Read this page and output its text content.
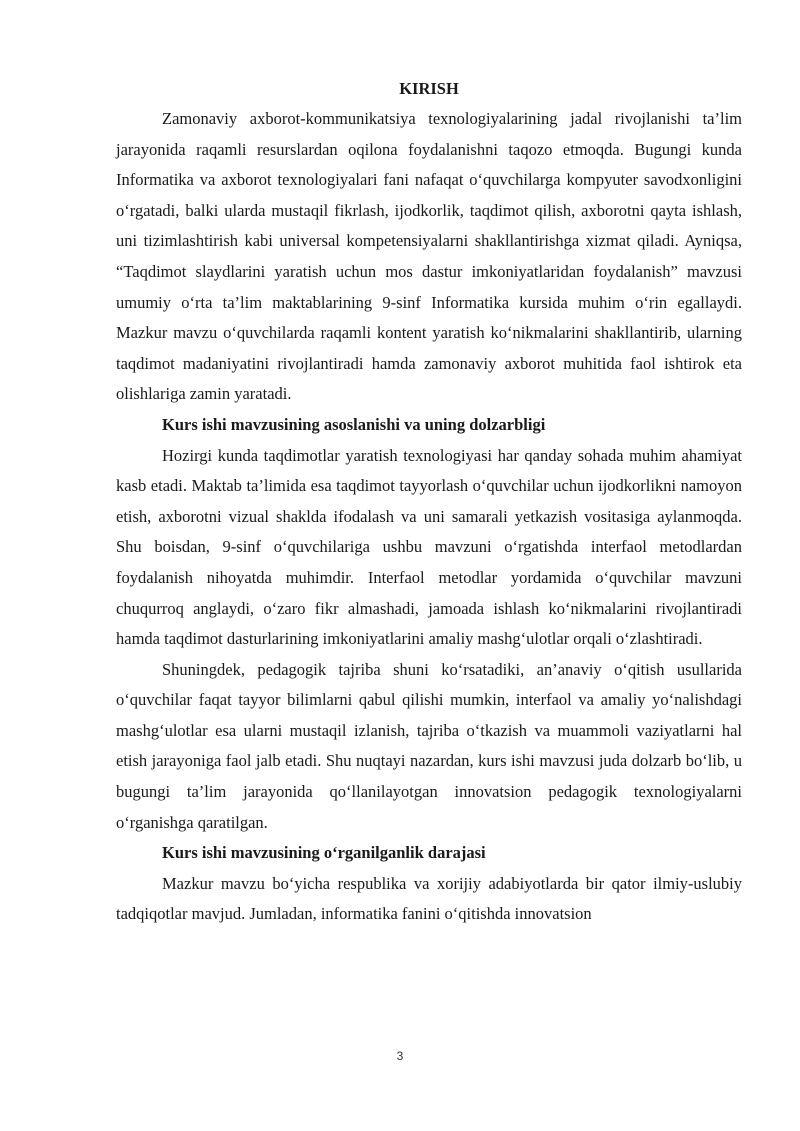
KIRISH

Zamonaviy axborot-kommunikatsiya texnologiyalarining jadal rivojlanishi ta’lim jarayonida raqamli resurslardan oqilona foydalanishni taqozo etmoqda. Bugungi kunda Informatika va axborot texnologiyalari fani nafaqat o‘quvchilarga kompyuter savodxonligini o‘rgatadi, balki ularda mustaqil fikrlash, ijodkorlik, taqdimot qilish, axborotni qayta ishlash, uni tizimlashtirish kabi universal kompetensiyalarni shakllantirishga xizmat qiladi. Ayniqsa, “Taqdimot slaydlarini yaratish uchun mos dastur imkoniyatlaridan foydalanish” mavzusi umumiy o‘rta ta’lim maktablarining 9-sinf Informatika kursida muhim o‘rin egallaydi. Mazkur mavzu o‘quvchilarda raqamli kontent yaratish ko‘nikmalarini shakllantirib, ularning taqdimot madaniyatini rivojlantiradi hamda zamonaviy axborot muhitida faol ishtirok eta olishlariga zamin yaratadi.

Kurs ishi mavzusining asoslanishi va uning dolzarbligi

Hozirgi kunda taqdimotlar yaratish texnologiyasi har qanday sohada muhim ahamiyat kasb etadi. Maktab ta’limida esa taqdimot tayyorlash o‘quvchilar uchun ijodkorlikni namoyon etish, axborotni vizual shaklda ifodalash va uni samarali yetkazish vositasiga aylanmoqda. Shu boisdan, 9-sinf o‘quvchilariga ushbu mavzuni o‘rgatishda interfaol metodlardan foydalanish nihoyatda muhimdir. Interfaol metodlar yordamida o‘quvchilar mavzuni chuqurroq anglaydi, o‘zaro fikr almashadi, jamoada ishlash ko‘nikmalarini rivojlantiradi hamda taqdimot dasturlarining imkoniyatlarini amaliy mashg‘ulotlar orqali o‘zlashtiradi.

Shuningdek, pedagogik tajriba shuni ko‘rsatadiki, an’anaviy o‘qitish usullarida o‘quvchilar faqat tayyor bilimlarni qabul qilishi mumkin, interfaol va amaliy yo‘nalishdagi mashg‘ulotlar esa ularni mustaqil izlanish, tajriba o‘tkazish va muammoli vaziyatlarni hal etish jarayoniga faol jalb etadi. Shu nuqtayi nazardan, kurs ishi mavzusi juda dolzarb bo‘lib, u bugungi ta’lim jarayonida qo‘llanilayotgan innovatsion pedagogik texnologiyalarni o‘rganishga qaratilgan.

Kurs ishi mavzusining o‘rganilganlik darajasi

Mazkur mavzu bo‘yicha respublika va xorijiy adabiyotlarda bir qator ilmiy-uslubiy tadqiqotlar mavjud. Jumladan, informatika fanini o‘qitishda innovatsion

3
